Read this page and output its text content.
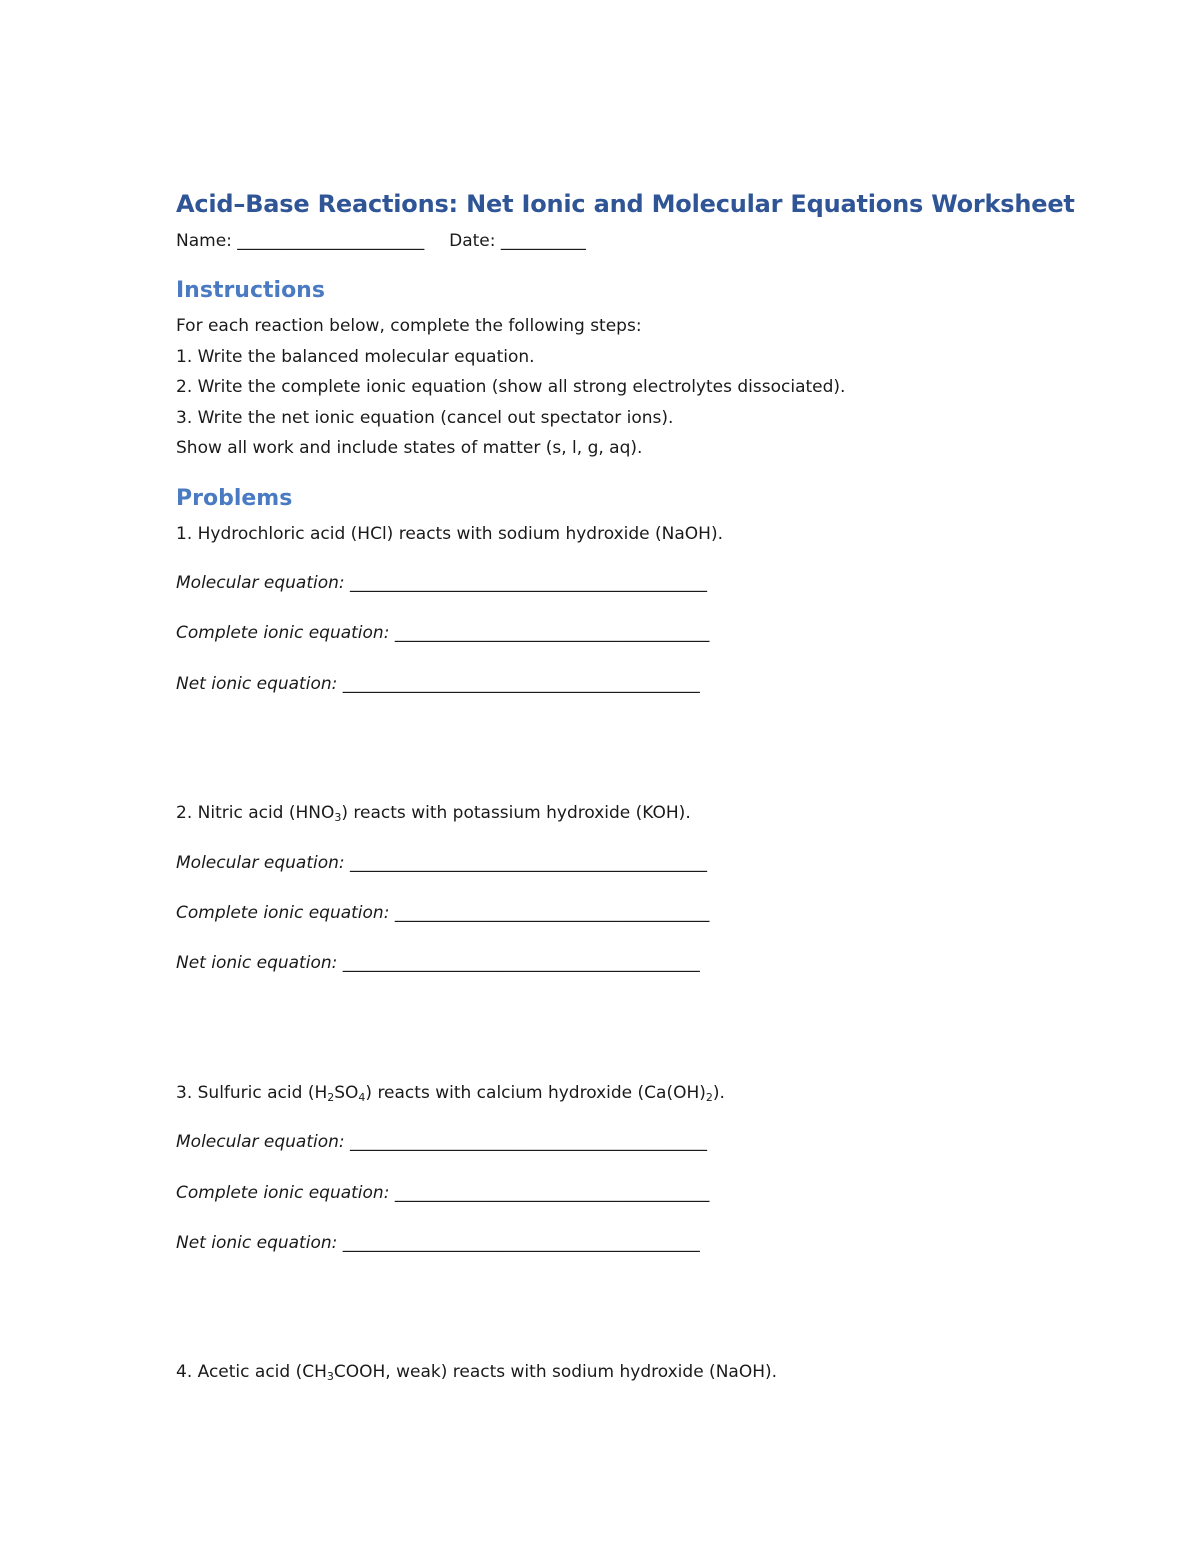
Acid–Base Reactions: Net Ionic and Molecular Equations Worksheet
Name: ______________________ Date: __________
Instructions
For each reaction below, complete the following steps:
1. Write the balanced molecular equation.
2. Write the complete ionic equation (show all strong electrolytes dissociated).
3. Write the net ionic equation (cancel out spectator ions).
Show all work and include states of matter (s, l, g, aq).
Problems
1. Hydrochloric acid (HCl) reacts with sodium hydroxide (NaOH).
Molecular equation: __________________________________________
Complete ionic equation: _____________________________________
Net ionic equation: __________________________________________
2. Nitric acid $(HNO_3)$ reacts with potassium hydroxide (KOH).
Molecular equation: __________________________________________
Complete ionic equation: _____________________________________
Net ionic equation: __________________________________________
3. Sulfuric acid $(H_2SO_4)$ reacts with calcium hydroxide $(Ca(OH)_2)$.
Molecular equation: __________________________________________
Complete ionic equation: _____________________________________
Net ionic equation: __________________________________________
4. Acetic acid ($CH_3COOH$, weak) reacts with sodium hydroxide (NaOH).
